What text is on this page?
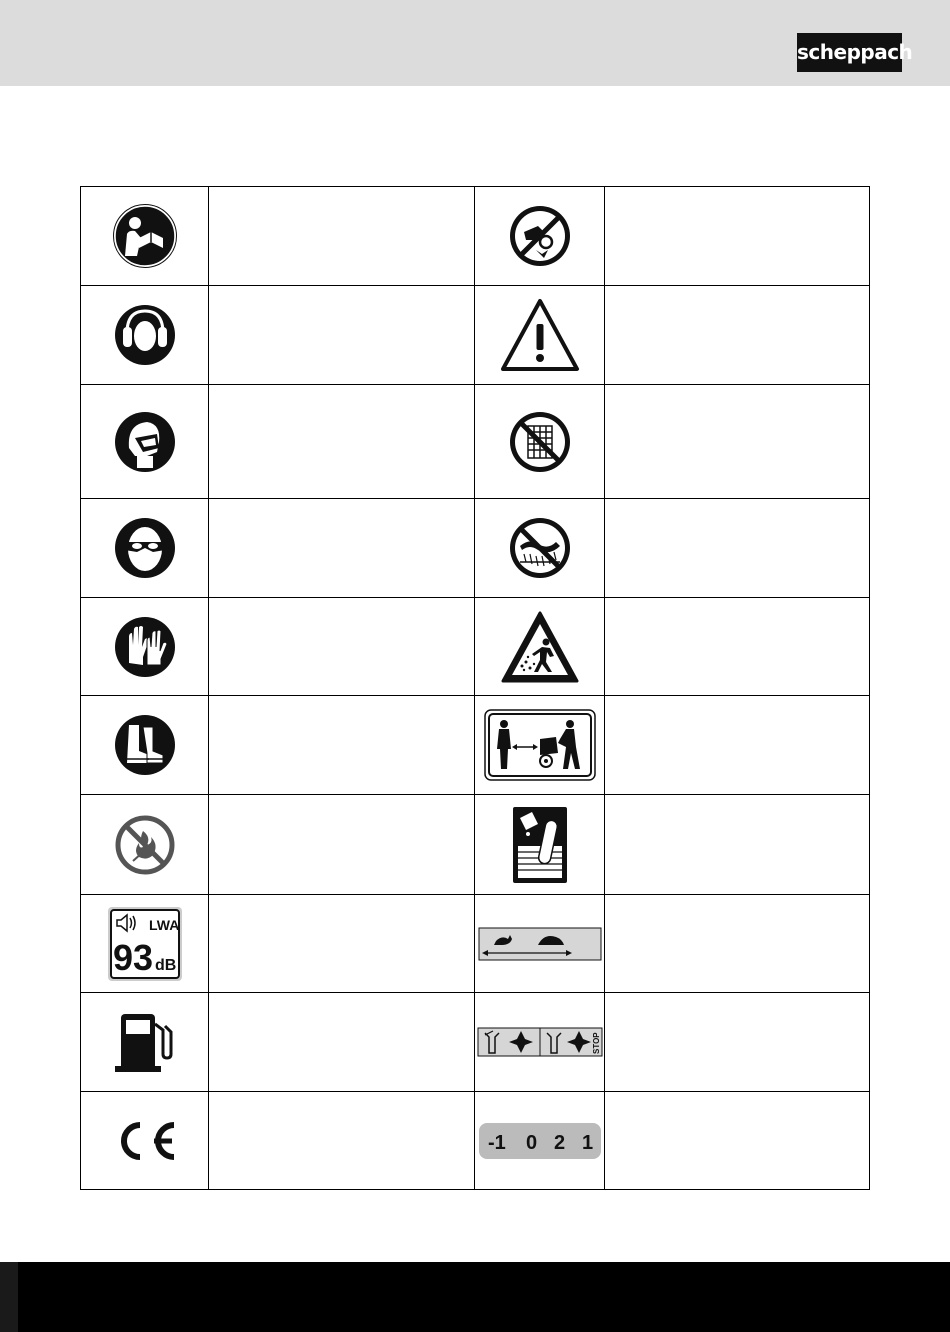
scheppach

LWA
93 dB

STOP	

-1 0 2 1	
